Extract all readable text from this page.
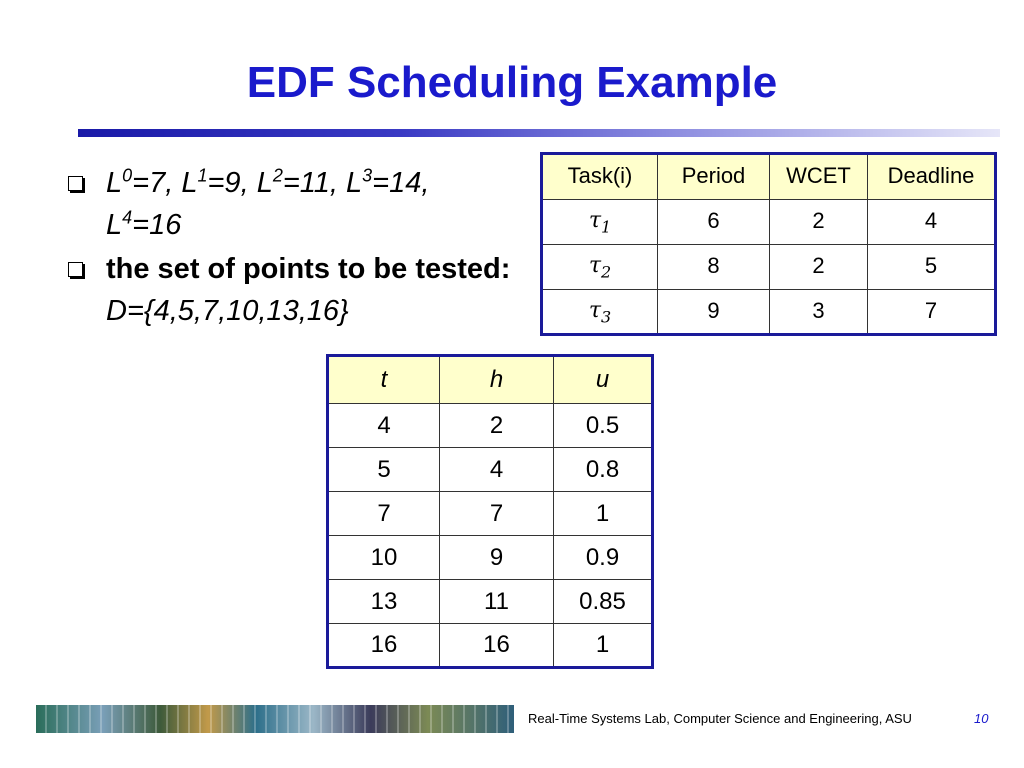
EDF Scheduling Example
$L^0=7$, $L^1=9$, $L^2=11$, $L^3=14$,
$L^4=16$
the set of points to be tested: D={4,5,7,10,13,16}
Task(i)	Period	WCET	Deadline
$\tau_1$	6	2	4
$\tau_2$	8	2	5
$\tau_3$	9	3	7
t	h	u
4	2	0.5
5	4	0.8
7	7	1
10	9	0.9
13	11	0.85
16	16	1
Real-Time Systems Lab, Computer Science and Engineering, ASU	10
